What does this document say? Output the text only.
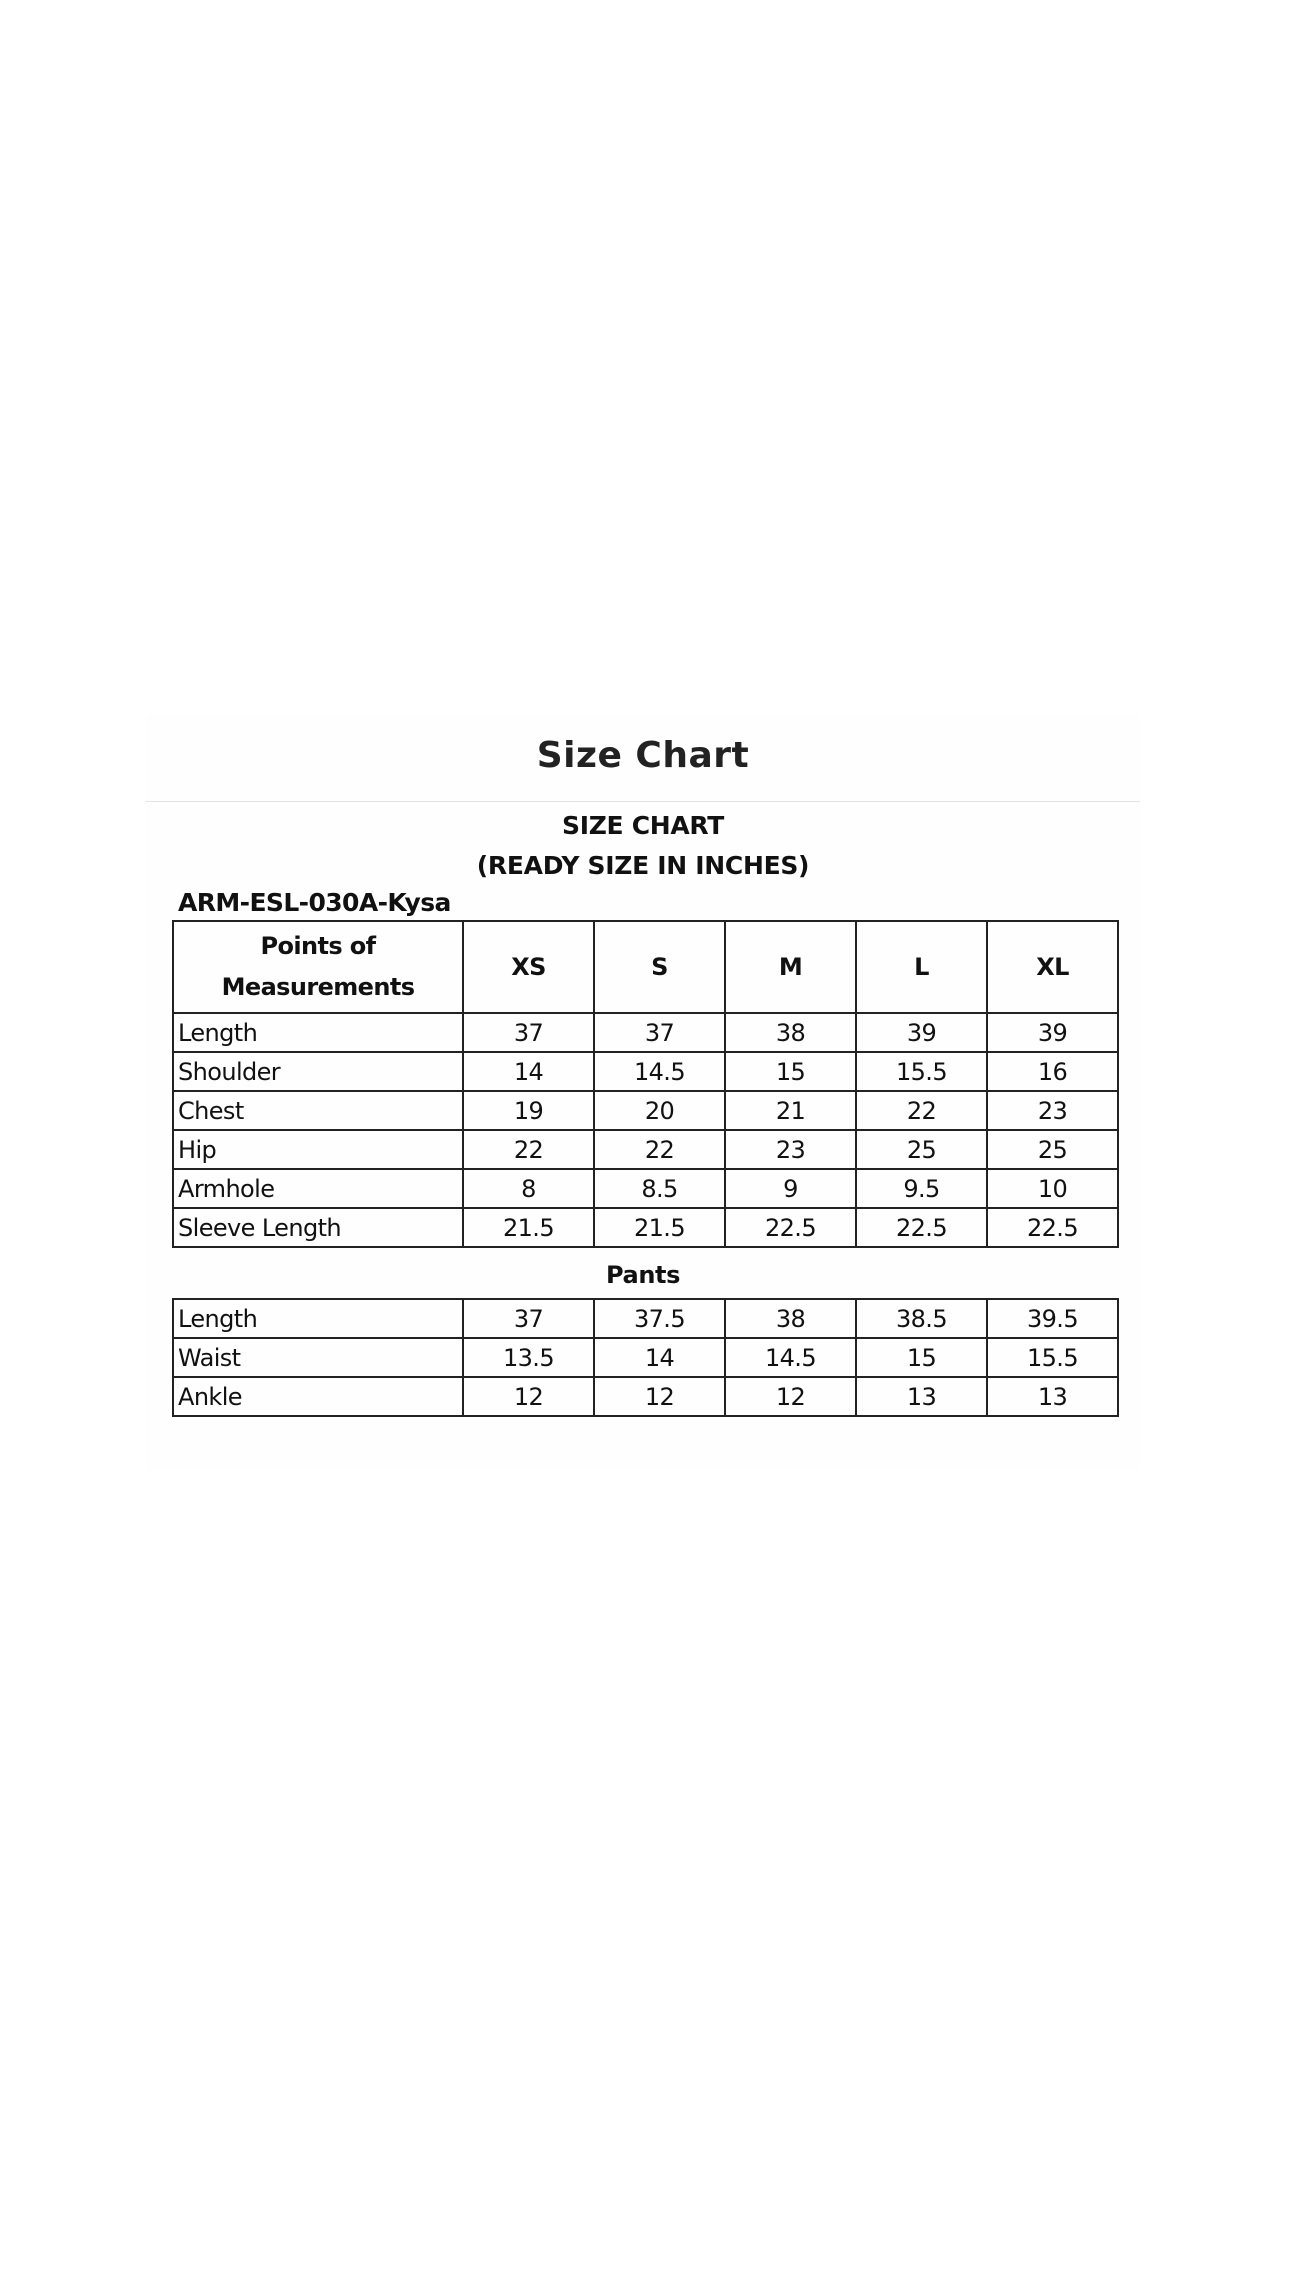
Size Chart
SIZE CHART
(READY SIZE IN INCHES)
ARM-ESL-030A-Kysa
Points of
Measurements	XS	S	M	L	XL
Length	37	37	38	39	39
Shoulder	14	14.5	15	15.5	16
Chest	19	20	21	22	23
Hip	22	22	23	25	25
Armhole	8	8.5	9	9.5	10
Sleeve Length	21.5	21.5	22.5	22.5	22.5
Pants
Length	37	37.5	38	38.5	39.5
Waist	13.5	14	14.5	15	15.5
Ankle	12	12	12	13	13
